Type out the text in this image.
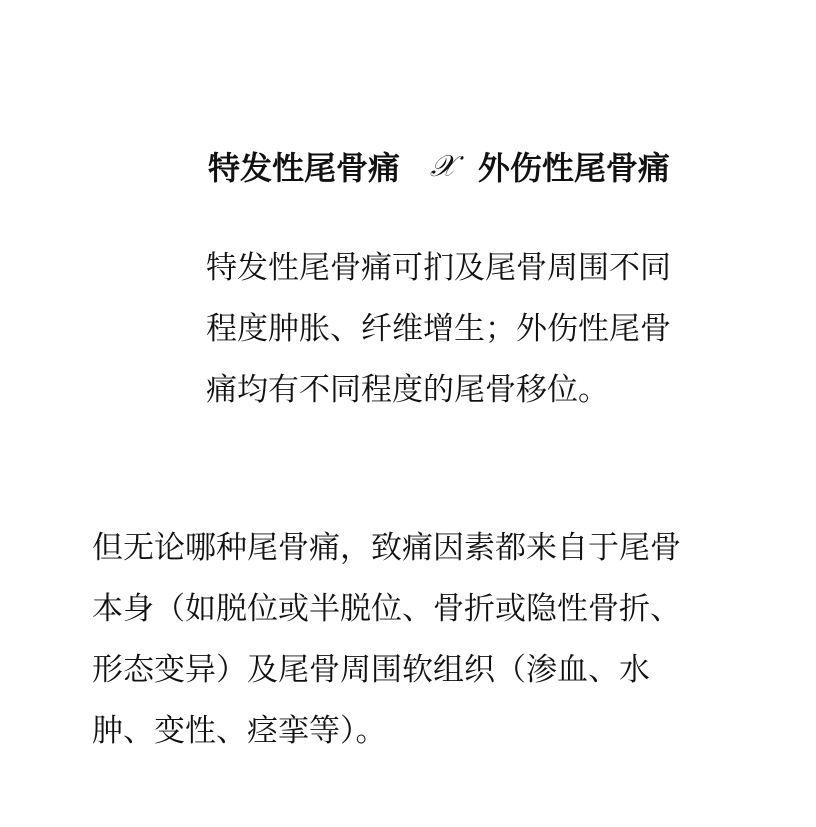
特发性尾骨痛 𝒳 外伤性尾骨痛

特发性尾骨痛可扪及尾骨周围不同
程度肿胀、纤维增生；外伤性尾骨
痛均有不同程度的尾骨移位。

但无论哪种尾骨痛，致痛因素都来自于尾骨
本身（如脱位或半脱位、骨折或隐性骨折、
形态变异）及尾骨周围软组织（渗血、水
肿、变性、痉挛等）。
